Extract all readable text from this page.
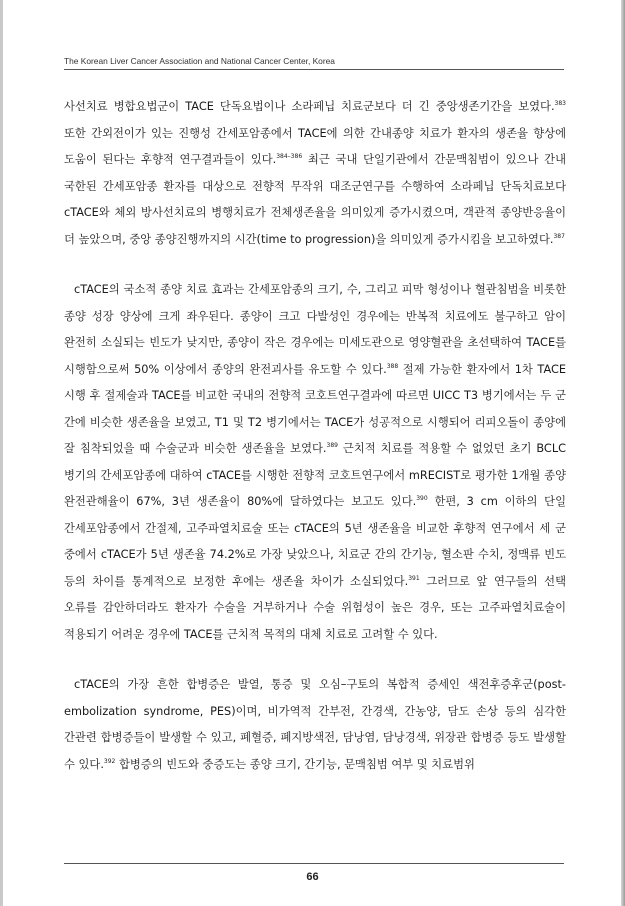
The Korean Liver Cancer Association and National Cancer Center, Korea

사선치료 병합요법군이 TACE 단독요법이나 소라페닙 치료군보다 더 긴 중앙생존기간을 보였다.$^{383}$ 또한 간외전이가 있는 진행성 간세포암종에서 TACE에 의한 간내종양 치료가 환자의 생존율 향상에 도움이 된다는 후향적 연구결과들이 있다.$^{384-386}$ 최근 국내 단일기관에서 간문맥침범이 있으나 간내 국한된 간세포암종 환자를 대상으로 전향적 무작위 대조군연구를 수행하여 소라페닙 단독치료보다 cTACE와 체외 방사선치료의 병행치료가 전체생존율을 의미있게 증가시켰으며, 객관적 종양반응율이 더 높았으며, 중앙 종양진행까지의 시간(time to progression)을 의미있게 증가시킴을 보고하였다.$^{387}$

cTACE의 국소적 종양 치료 효과는 간세포암종의 크기, 수, 그리고 피막 형성이나 혈관침범을 비롯한 종양 성장 양상에 크게 좌우된다. 종양이 크고 다발성인 경우에는 반복적 치료에도 불구하고 암이 완전히 소실되는 빈도가 낮지만, 종양이 작은 경우에는 미세도관으로 영양혈관을 초선택하여 TACE를 시행함으로써 50% 이상에서 종양의 완전괴사를 유도할 수 있다.$^{388}$ 절제 가능한 환자에서 1차 TACE 시행 후 절제술과 TACE를 비교한 국내의 전향적 코호트연구결과에 따르면 UICC T3 병기에서는 두 군 간에 비슷한 생존율을 보였고, T1 및 T2 병기에서는 TACE가 성공적으로 시행되어 리피오돌이 종양에 잘 침착되었을 때 수술군과 비슷한 생존율을 보였다.$^{389}$ 근치적 치료를 적용할 수 없었던 초기 BCLC 병기의 간세포암종에 대하여 cTACE를 시행한 전향적 코호트연구에서 mRECIST로 평가한 1개월 종양 완전관해율이 67%, 3년 생존율이 80%에 달하였다는 보고도 있다.$^{390}$ 한편, 3 cm 이하의 단일 간세포암종에서 간절제, 고주파열치료술 또는 cTACE의 5년 생존율을 비교한 후향적 연구에서 세 군 중에서 cTACE가 5년 생존율 74.2%로 가장 낮았으나, 치료군 간의 간기능, 혈소판 수치, 정맥류 빈도 등의 차이를 통계적으로 보정한 후에는 생존율 차이가 소실되었다.$^{391}$ 그러므로 앞 연구들의 선택 오류를 감안하더라도 환자가 수술을 거부하거나 수술 위험성이 높은 경우, 또는 고주파열치료술이 적용되기 어려운 경우에 TACE를 근치적 목적의 대체 치료로 고려할 수 있다.

cTACE의 가장 흔한 합병증은 발열, 통증 및 오심–구토의 복합적 증세인 색전후증후군(post-embolization syndrome, PES)이며, 비가역적 간부전, 간경색, 간농양, 담도 손상 등의 심각한 간관련 합병증들이 발생할 수 있고, 폐혈증, 폐지방색전, 담낭염, 담낭경색, 위장관 합병증 등도 발생할 수 있다.$^{392}$ 합병증의 빈도와 중증도는 종양 크기, 간기능, 문맥침범 여부 및 치료범위

66
